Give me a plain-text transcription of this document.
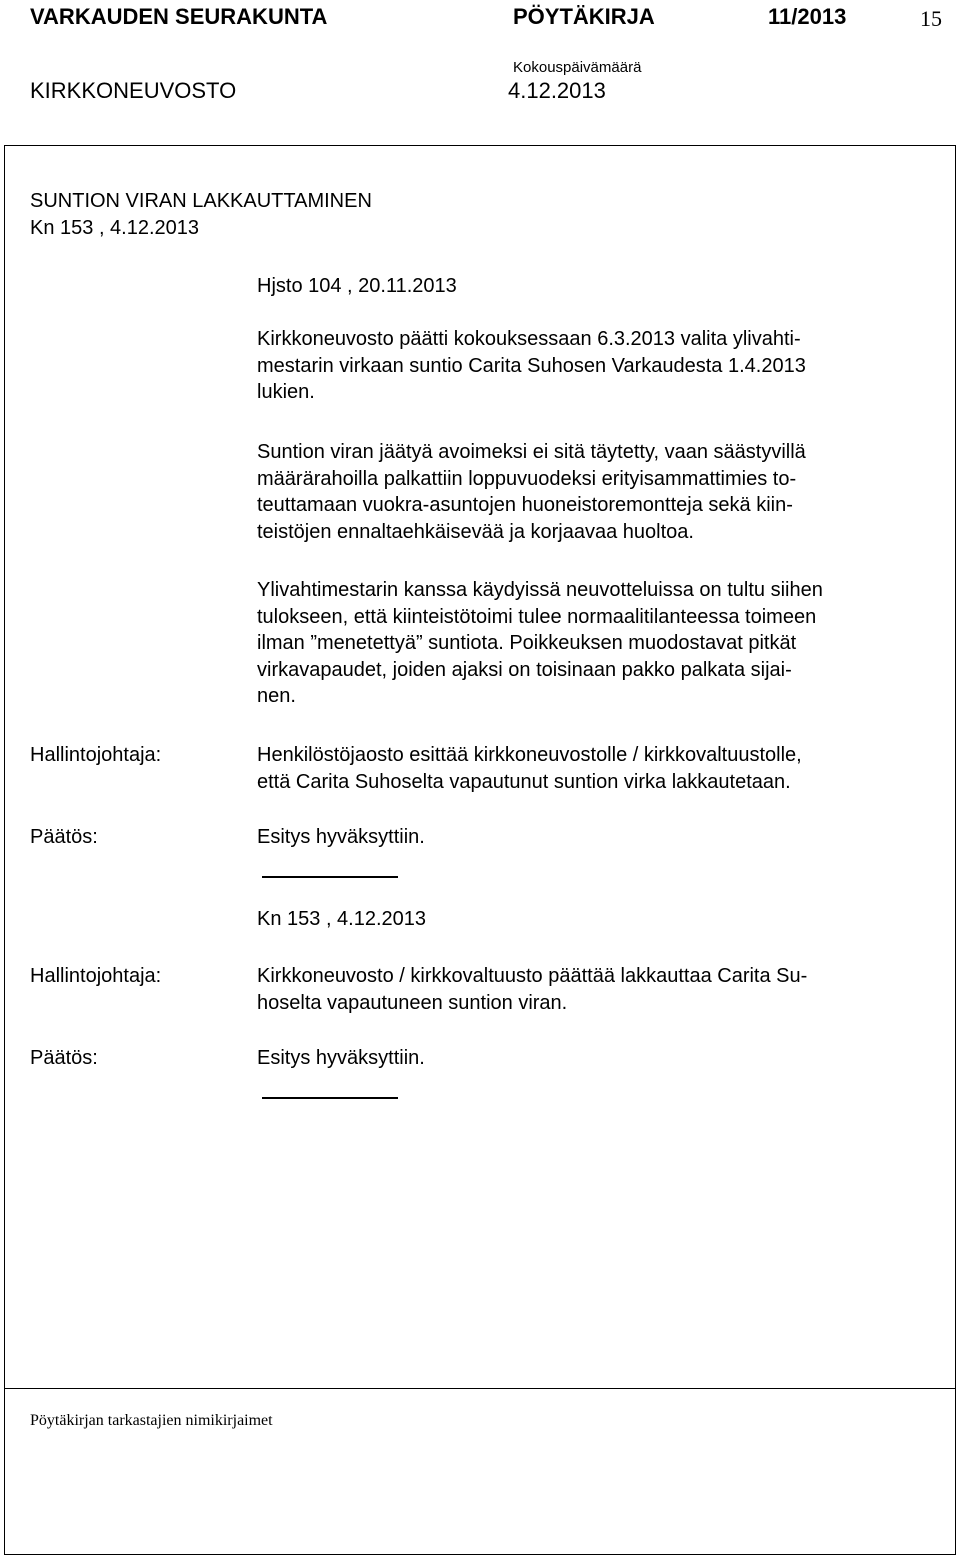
VARKAUDEN SEURAKUNTA	PÖYTÄKIRJA	11/2013	15
KIRKKONEUVOSTO
Kokouspäivämäärä
4.12.2013
SUNTION VIRAN LAKKAUTTAMINEN
Kn 153 , 4.12.2013
Hjsto 104 , 20.11.2013
Kirkkoneuvosto päätti kokouksessaan 6.3.2013 valita ylivahti-
mestarin virkaan suntio Carita Suhosen Varkaudesta 1.4.2013
lukien.
Suntion viran jäätyä avoimeksi ei sitä täytetty, vaan säästyvillä
määrärahoilla palkattiin loppuvuodeksi erityisammattimies to-
teuttamaan vuokra-asuntojen huoneistoremontteja sekä kiin-
teistöjen ennaltaehkäisevää ja korjaavaa huoltoa.
Ylivahtimestarin kanssa käydyissä neuvotteluissa on tultu siihen
tulokseen, että kiinteistötoimi tulee normaalitilanteessa toimeen
ilman ”menetettyä” suntiota. Poikkeuksen muodostavat pitkät
virkavapaudet, joiden ajaksi on toisinaan pakko palkata sijai-
nen.
Hallintojohtaja:	Henkilöstöjaosto esittää kirkkoneuvostolle / kirkkovaltuustolle,
että Carita Suhoselta vapautunut suntion virka lakkautetaan.
Päätös:	Esitys hyväksyttiin.
Kn 153 , 4.12.2013
Hallintojohtaja:	Kirkkoneuvosto / kirkkovaltuusto päättää lakkauttaa Carita Su-
hoselta vapautuneen suntion viran.
Päätös:	Esitys hyväksyttiin.
Pöytäkirjan tarkastajien nimikirjaimet
